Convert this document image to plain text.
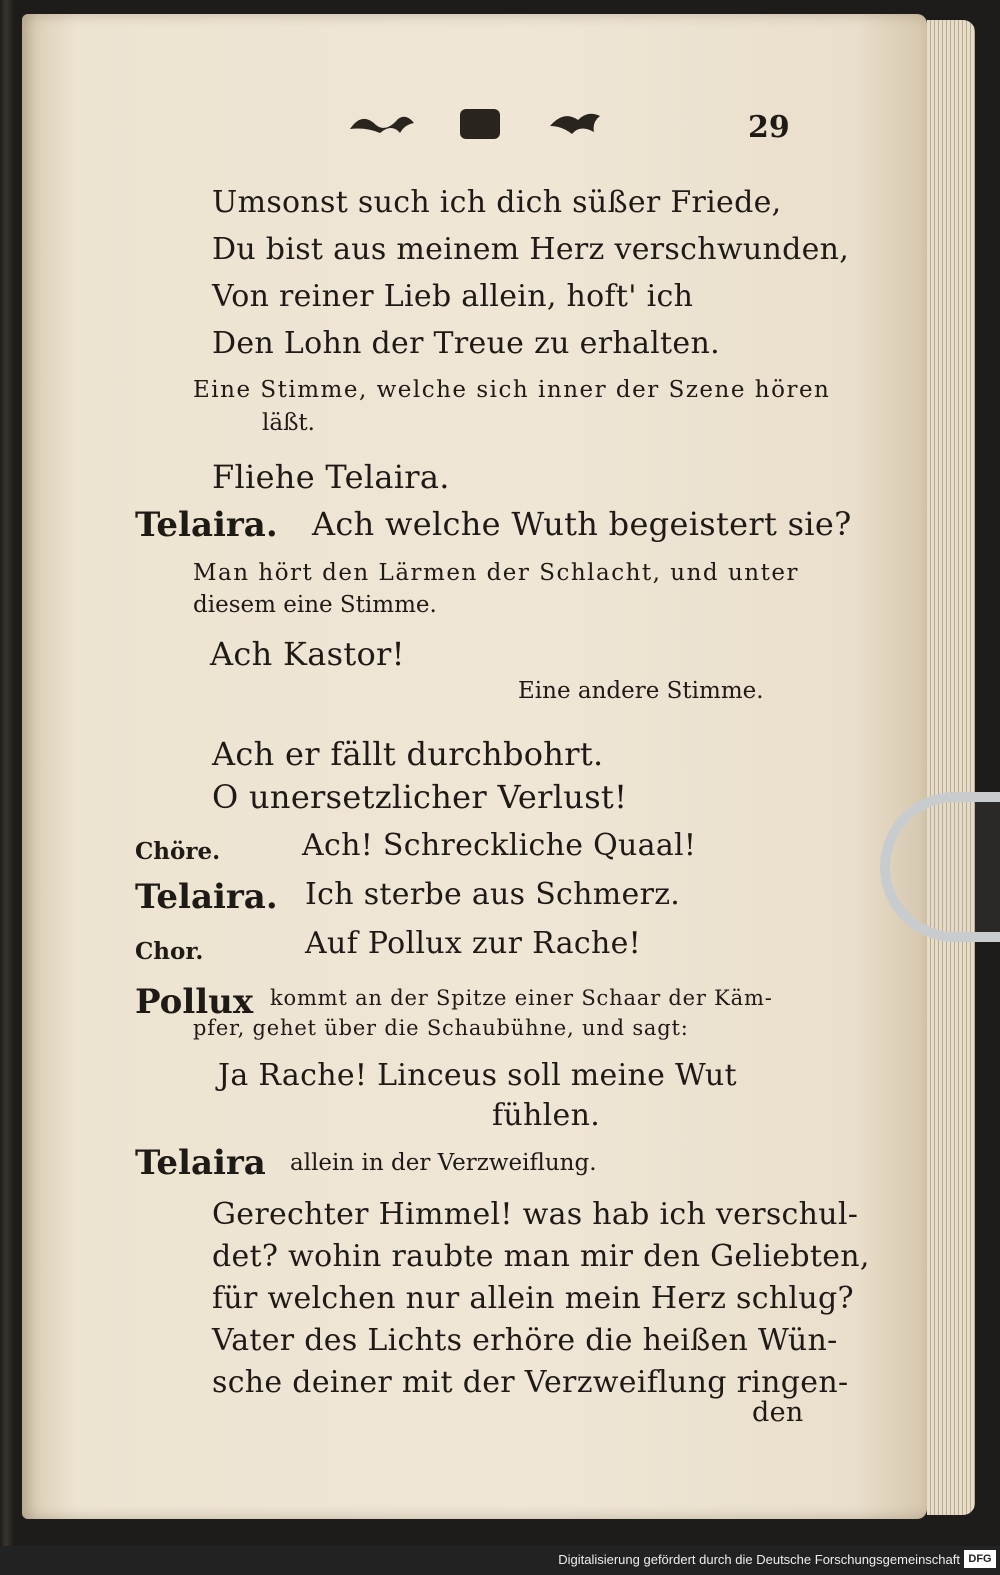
29
Umsonst such ich dich süßer Friede,
Du bist aus meinem Herz verschwunden,
Von reiner Lieb allein, hoft' ich
Den Lohn der Treue zu erhalten.
Eine Stimme, welche sich inner der Szene hören
läßt.
Fliehe Telaira.
Telaira. Ach welche Wuth begeistert sie?
Man hört den Lärmen der Schlacht, und unter
diesem eine Stimme.
Ach Kastor!
Eine andere Stimme.
Ach er fällt durchbohrt.
O unersetzlicher Verlust!
Chöre.	Ach! Schreckliche Quaal!
Telaira. Ich sterbe aus Schmerz.
Chor.	Auf Pollux zur Rache!
Pollux kommt an der Spitze einer Schaar der Käm-
pfer, gehet über die Schaubühne, und sagt:
Ja Rache! Linceus soll meine Wut
fühlen.
Telaira allein in der Verzweiflung.
Gerechter Himmel! was hab ich verschul-
det? wohin raubte man mir den Geliebten,
für welchen nur allein mein Herz schlug?
Vater des Lichts erhöre die heißen Wün-
sche deiner mit der Verzweiflung ringen-
den
Digitalisierung gefördert durch die Deutsche Forschungsgemeinschaft DFG
